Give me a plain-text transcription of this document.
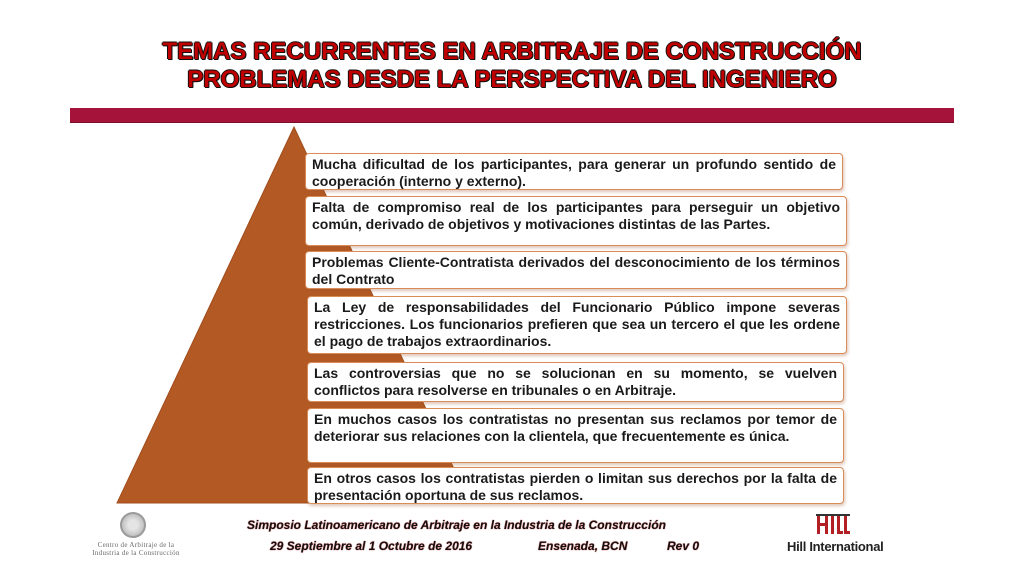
TEMAS RECURRENTES EN ARBITRAJE DE CONSTRUCCIÓN
PROBLEMAS DESDE LA PERSPECTIVA DEL INGENIERO
Mucha dificultad de los participantes, para generar un profundo sentido de cooperación (interno y externo).
Falta de compromiso real de los participantes para perseguir un objetivo común, derivado de objetivos y motivaciones distintas de las Partes.
Problemas Cliente-Contratista derivados del desconocimiento de los términos del Contrato
La Ley de responsabilidades del Funcionario Público impone severas restricciones. Los funcionarios prefieren que sea un tercero el que les ordene el pago de trabajos extraordinarios.
Las controversias que no se solucionan en su momento, se vuelven conflictos para resolverse en tribunales o en Arbitraje.
En muchos casos los contratistas no presentan sus reclamos por temor de deteriorar sus relaciones con la clientela, que frecuentemente es única.
En otros casos los contratistas pierden o limitan sus derechos por la falta de presentación oportuna de sus reclamos.
Centro de Arbitraje de la
Industria de la Construcción
Simposio Latinoamericano de Arbitraje en la Industria de la Construcción
29 Septiembre al 1 Octubre de 2016	Ensenada, BCN	Rev 0	Hill International
